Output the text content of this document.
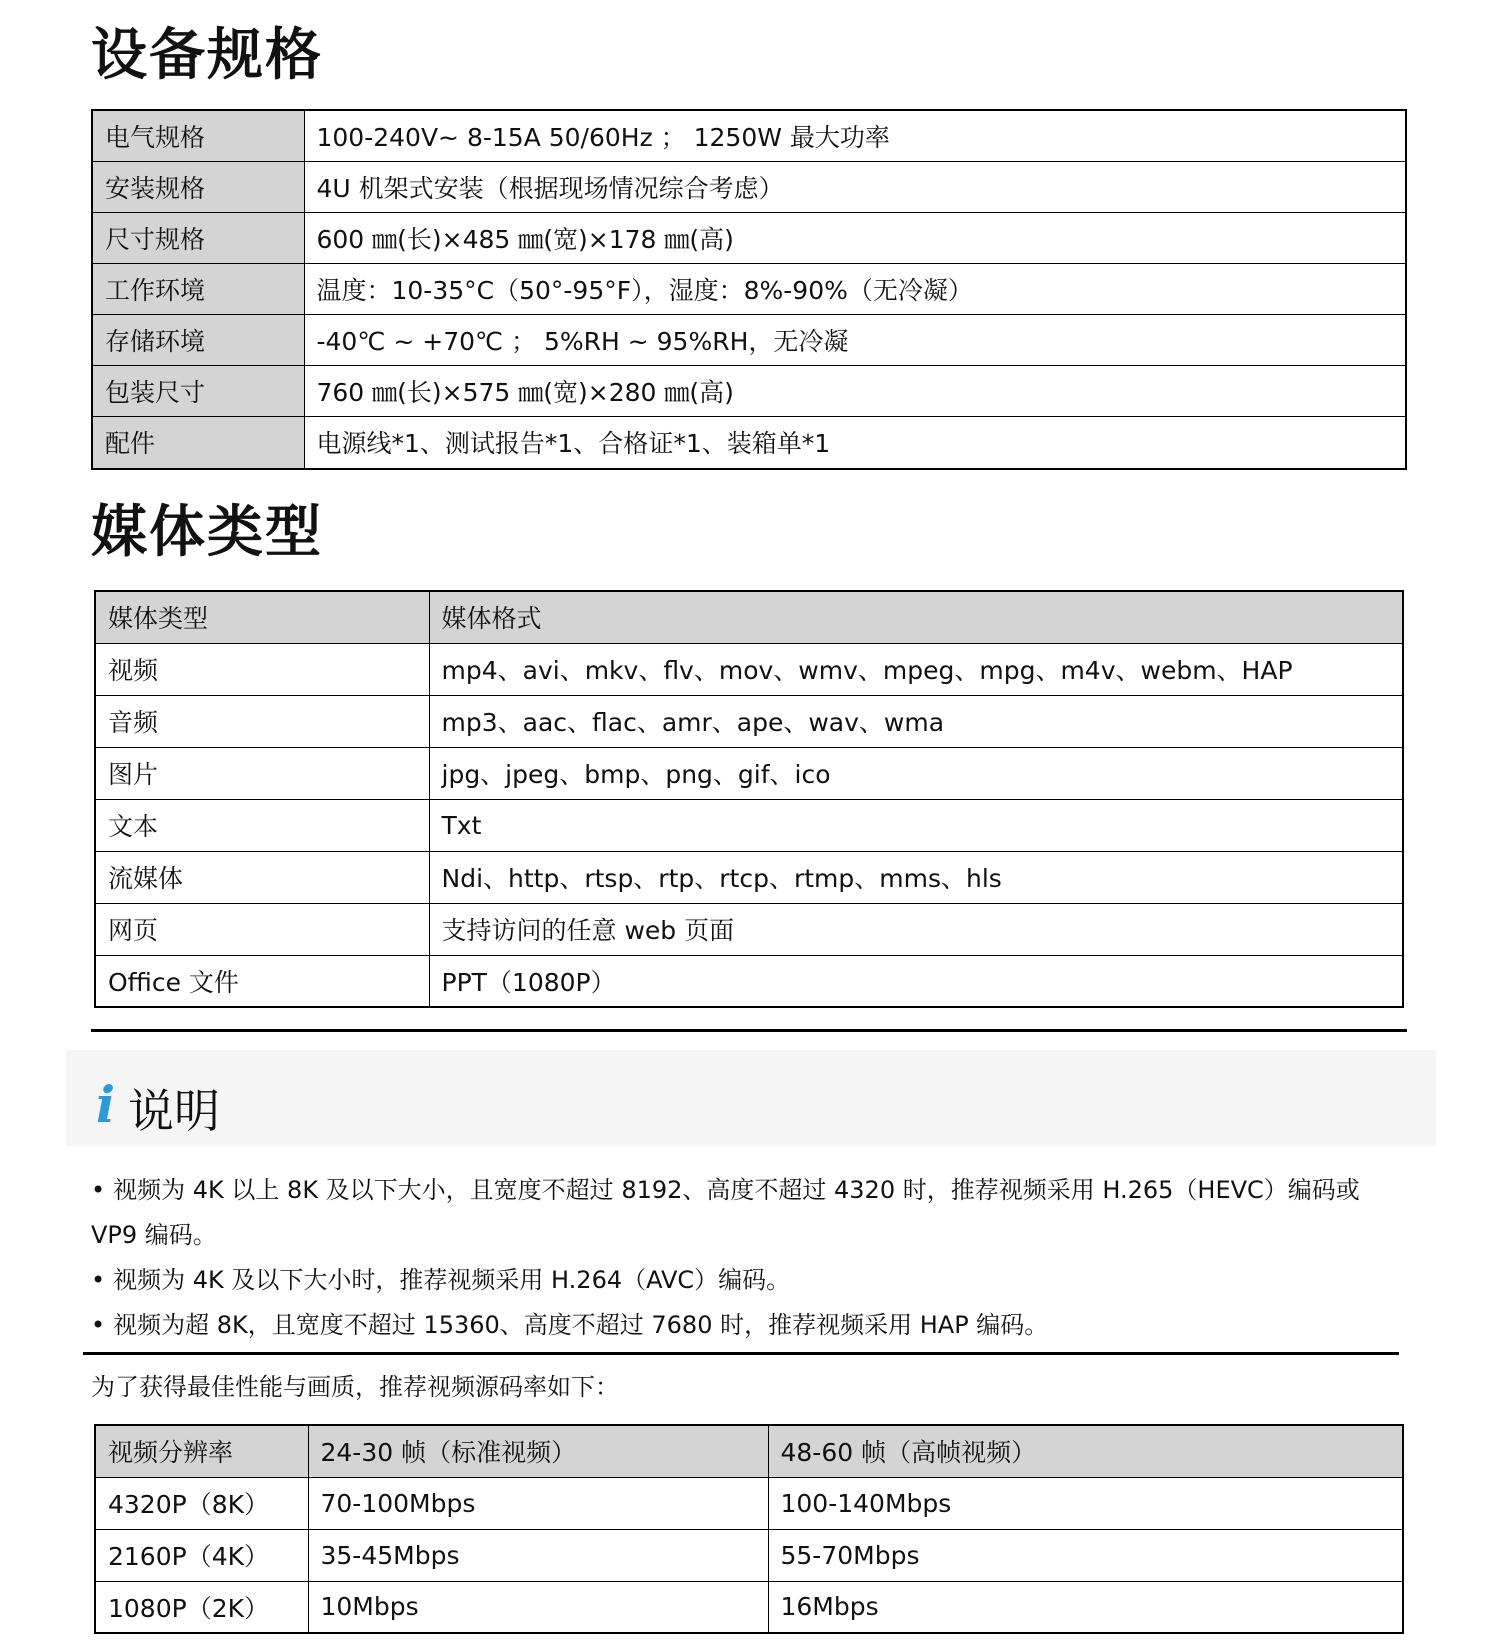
设备规格
电气规格	100-240V~ 8-15A 50/60Hz ； 1250W 最大功率
安装规格	4U 机架式安装（根据现场情况综合考虑）
尺寸规格	600 ㎜(长)×485 ㎜(宽)×178 ㎜(高)
工作环境	温度：10-35°C（50°-95°F），湿度：8%-90%（无冷凝）
存储环境	-40℃ ~ +70℃ ； 5%RH ~ 95%RH，无冷凝
包装尺寸	760 ㎜(长)×575 ㎜(宽)×280 ㎜(高)
配件	电源线*1、测试报告*1、合格证*1、装箱单*1
媒体类型
媒体类型	媒体格式
视频	mp4、avi、mkv、flv、mov、wmv、mpeg、mpg、m4v、webm、HAP
音频	mp3、aac、flac、amr、ape、wav、wma
图片	jpg、jpeg、bmp、png、gif、ico
文本	Txt
流媒体	Ndi、http、rtsp、rtp、rtcp、rtmp、mms、hls
网页	支持访问的任意 web 页面
Office 文件	PPT（1080P）
i 说明
• 视频为 4K 以上 8K 及以下大小，且宽度不超过 8192、高度不超过 4320 时，推荐视频采用 H.265（HEVC）编码或 VP9 编码。
• 视频为 4K 及以下大小时，推荐视频采用 H.264（AVC）编码。
• 视频为超 8K，且宽度不超过 15360、高度不超过 7680 时，推荐视频采用 HAP 编码。
为了获得最佳性能与画质，推荐视频源码率如下：
视频分辨率	24-30 帧（标准视频）	48-60 帧（高帧视频）
4320P（8K）	70-100Mbps	100-140Mbps
2160P（4K）	35-45Mbps	55-70Mbps
1080P（2K）	10Mbps	16Mbps
